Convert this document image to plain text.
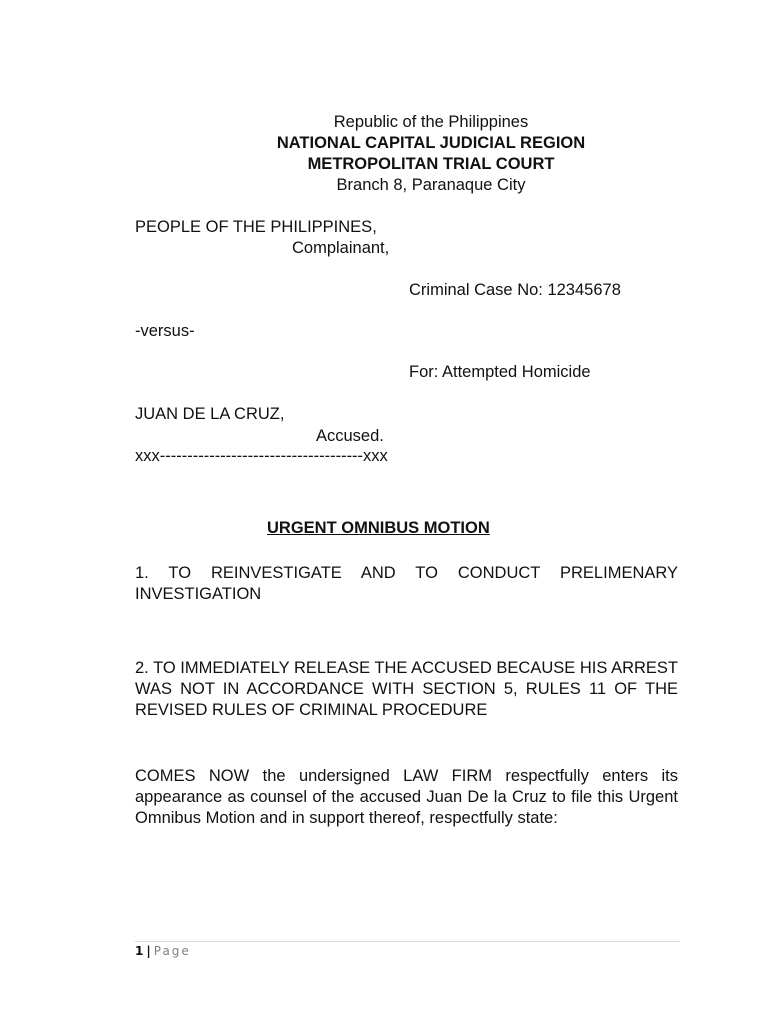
Republic of the Philippines
NATIONAL CAPITAL JUDICIAL REGION
METROPOLITAN TRIAL COURT
Branch 8, Paranaque City
PEOPLE OF THE PHILIPPINES,
Complainant,
Criminal Case No: 12345678
-versus-
For: Attempted Homicide
JUAN DE LA CRUZ,
Accused.
xxx-------------------------------------xxx
URGENT OMNIBUS MOTION
1. TO REINVESTIGATE AND TO CONDUCT PRELIMENARY INVESTIGATION
2. TO IMMEDIATELY RELEASE THE ACCUSED BECAUSE HIS ARREST WAS NOT IN ACCORDANCE WITH SECTION 5, RULES 11 OF THE REVISED RULES OF CRIMINAL PROCEDURE
COMES NOW the undersigned LAW FIRM respectfully enters its appearance as counsel of the accused Juan De la Cruz to file this Urgent Omnibus Motion and in support thereof, respectfully state:
1 | Page
